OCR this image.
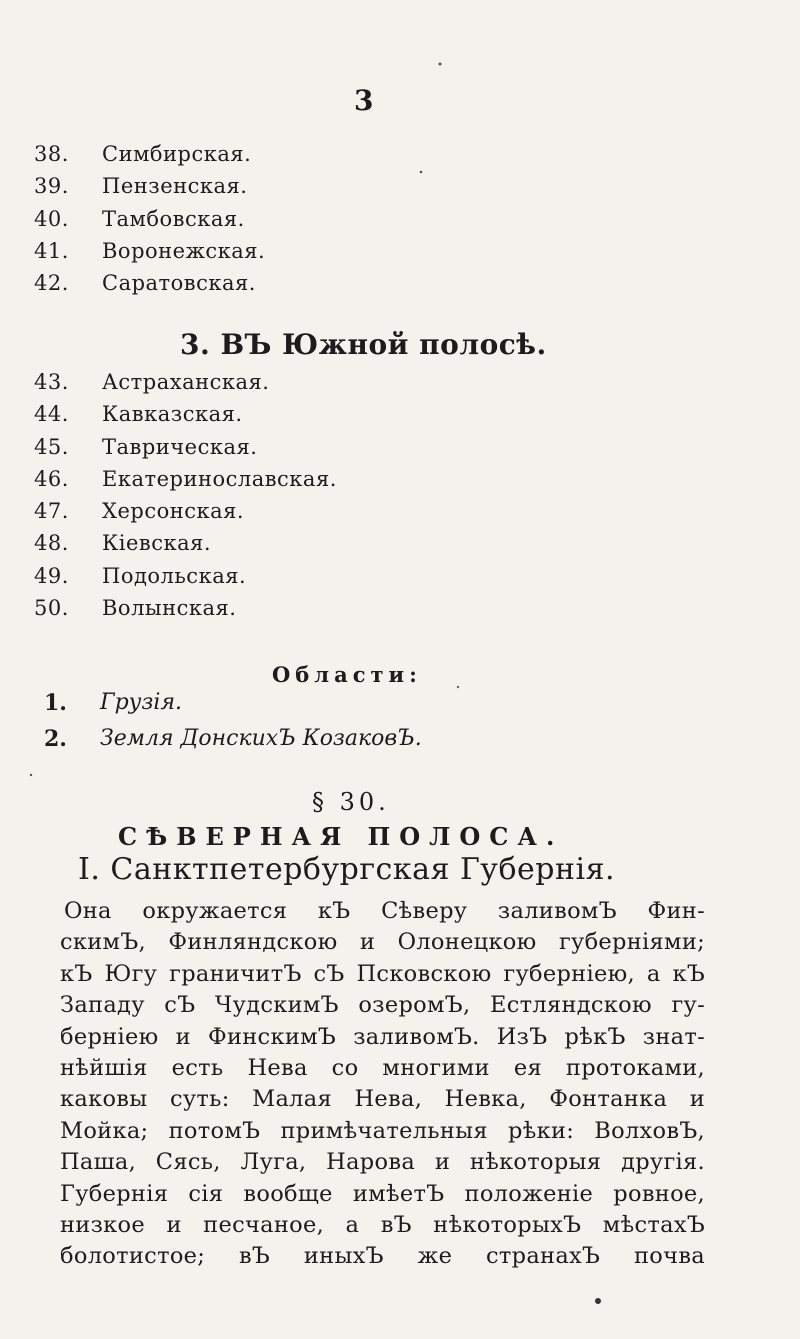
3
38.	Симбирская.
39.	Пензенская.
40.	Тамбовская.
41.	Воронежская.
42.	Саратовская.
3. ВЪ Южной полосѣ.
43.	Астраханская.
44.	Кавказская.
45.	Таврическая.
46.	Екатеринославская.
47.	Херсонская.
48.	Кіевская.
49.	Подольская.
50.	Волынская.
Области:
1.	Грузія.
2.	Земля ДонскихЪ КозаковЪ.
§ 30.
СѢВЕРНАЯ ПОЛОСА.
I. Санктпетербургская Губернія.
Она окружается кЪ Сѣверу заливомЪ Фин-
скимЪ, Финляндскою и Олонецкою губерніями;
кЪ Югу граничитЪ сЪ Псковскою губерніею, а кЪ
Западу сЪ ЧудскимЪ озеромЪ, Естляндскою гу-
берніею и ФинскимЪ заливомЪ. ИзЪ рѣкЪ знат-
нѣйшія есть Нева со многими ея протоками,
каковы суть: Малая Нева, Невка, Фонтанка и
Мойка; потомЪ примѣчательныя рѣки: ВолховЪ,
Паша, Сясь, Луга, Нарова и нѣкоторыя другія.
Губернія сія вообще имѣетЪ положеніе ровное,
низкое и песчаное, а вЪ нѣкоторыхЪ мѣстахЪ
болотистое; вЪ иныхЪ же странахЪ почва
